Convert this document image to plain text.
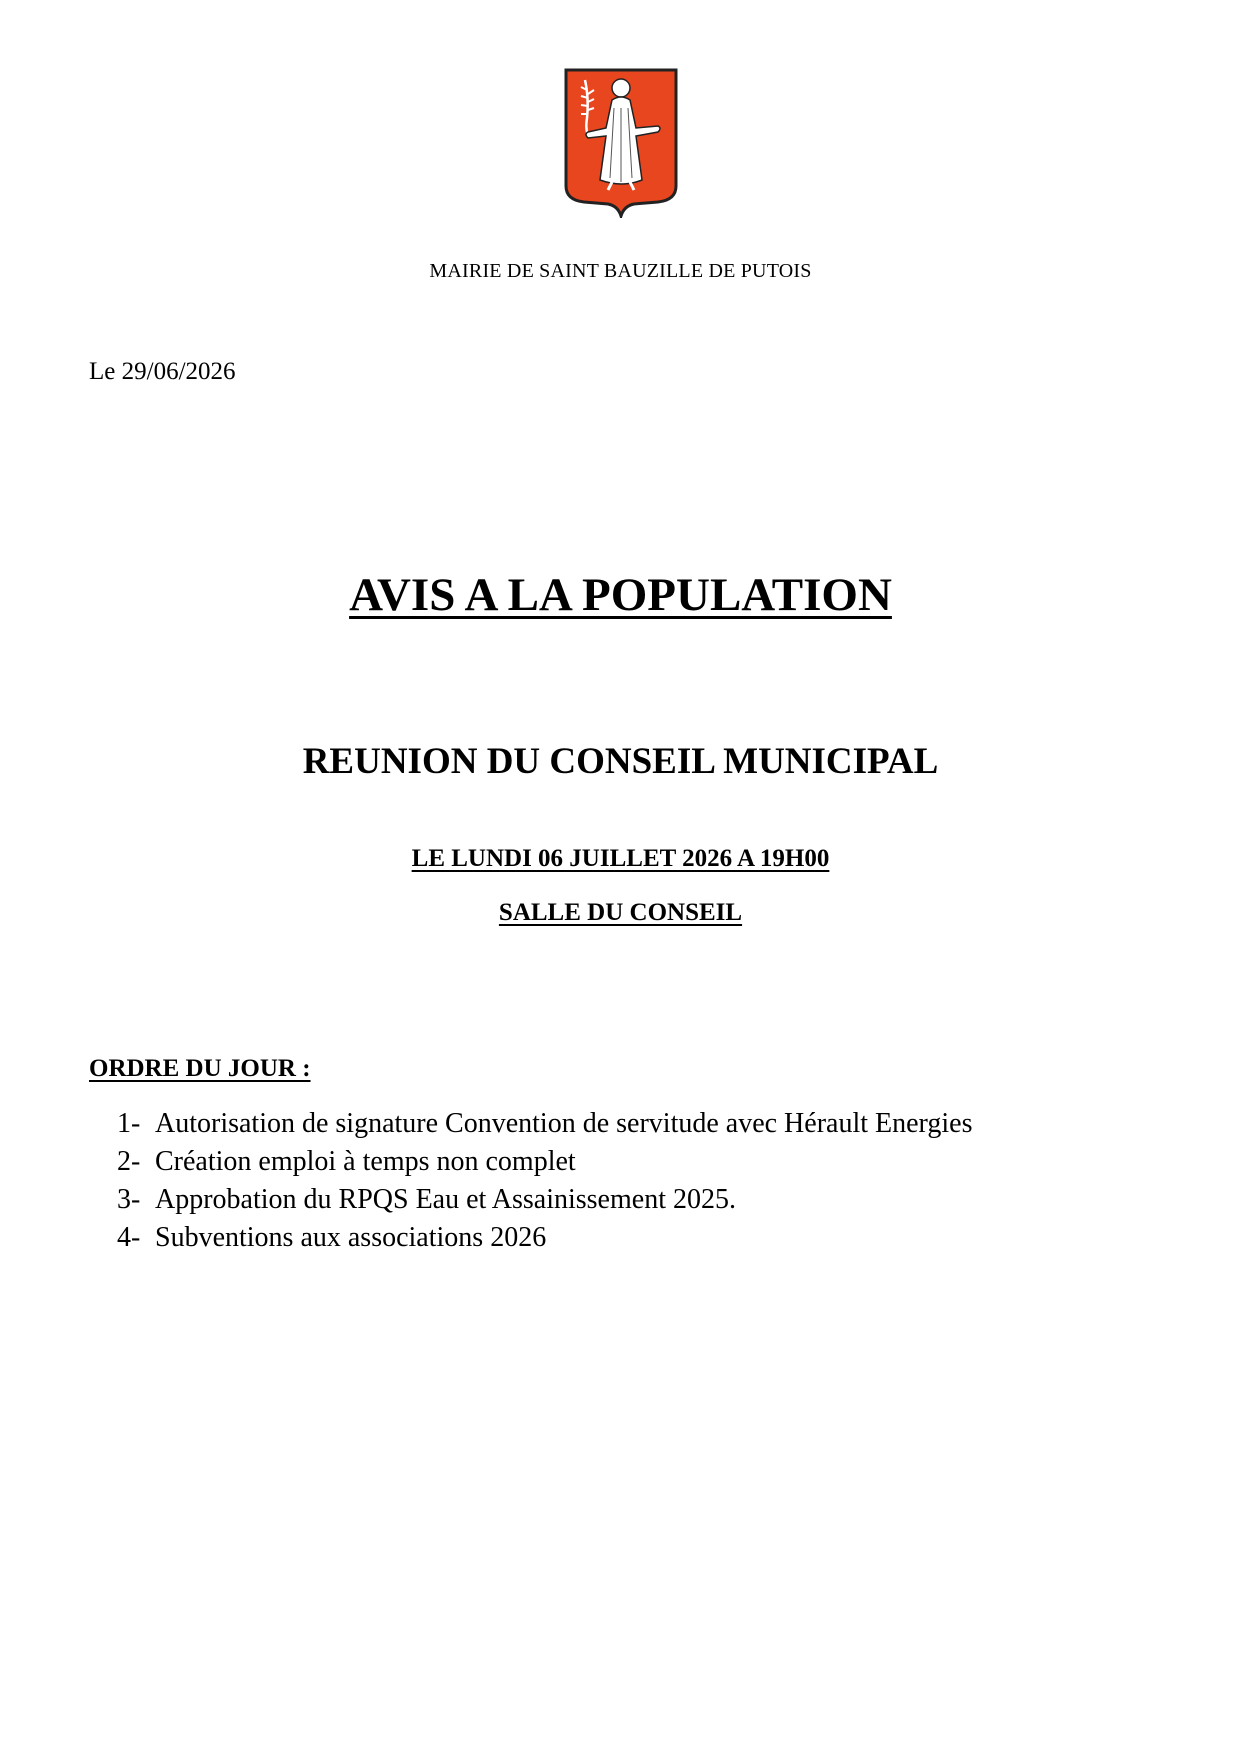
MAIRIE DE SAINT BAUZILLE DE PUTOIS
Le 29/06/2026
AVIS A LA POPULATION
REUNION DU CONSEIL MUNICIPAL
LE LUNDI 06 JUILLET 2026 A 19H00
SALLE DU CONSEIL
ORDRE DU JOUR :
1- Autorisation de signature Convention de servitude avec Hérault Energies
2- Création emploi à temps non complet
3- Approbation du RPQS Eau et Assainissement 2025.
4- Subventions aux associations 2026
